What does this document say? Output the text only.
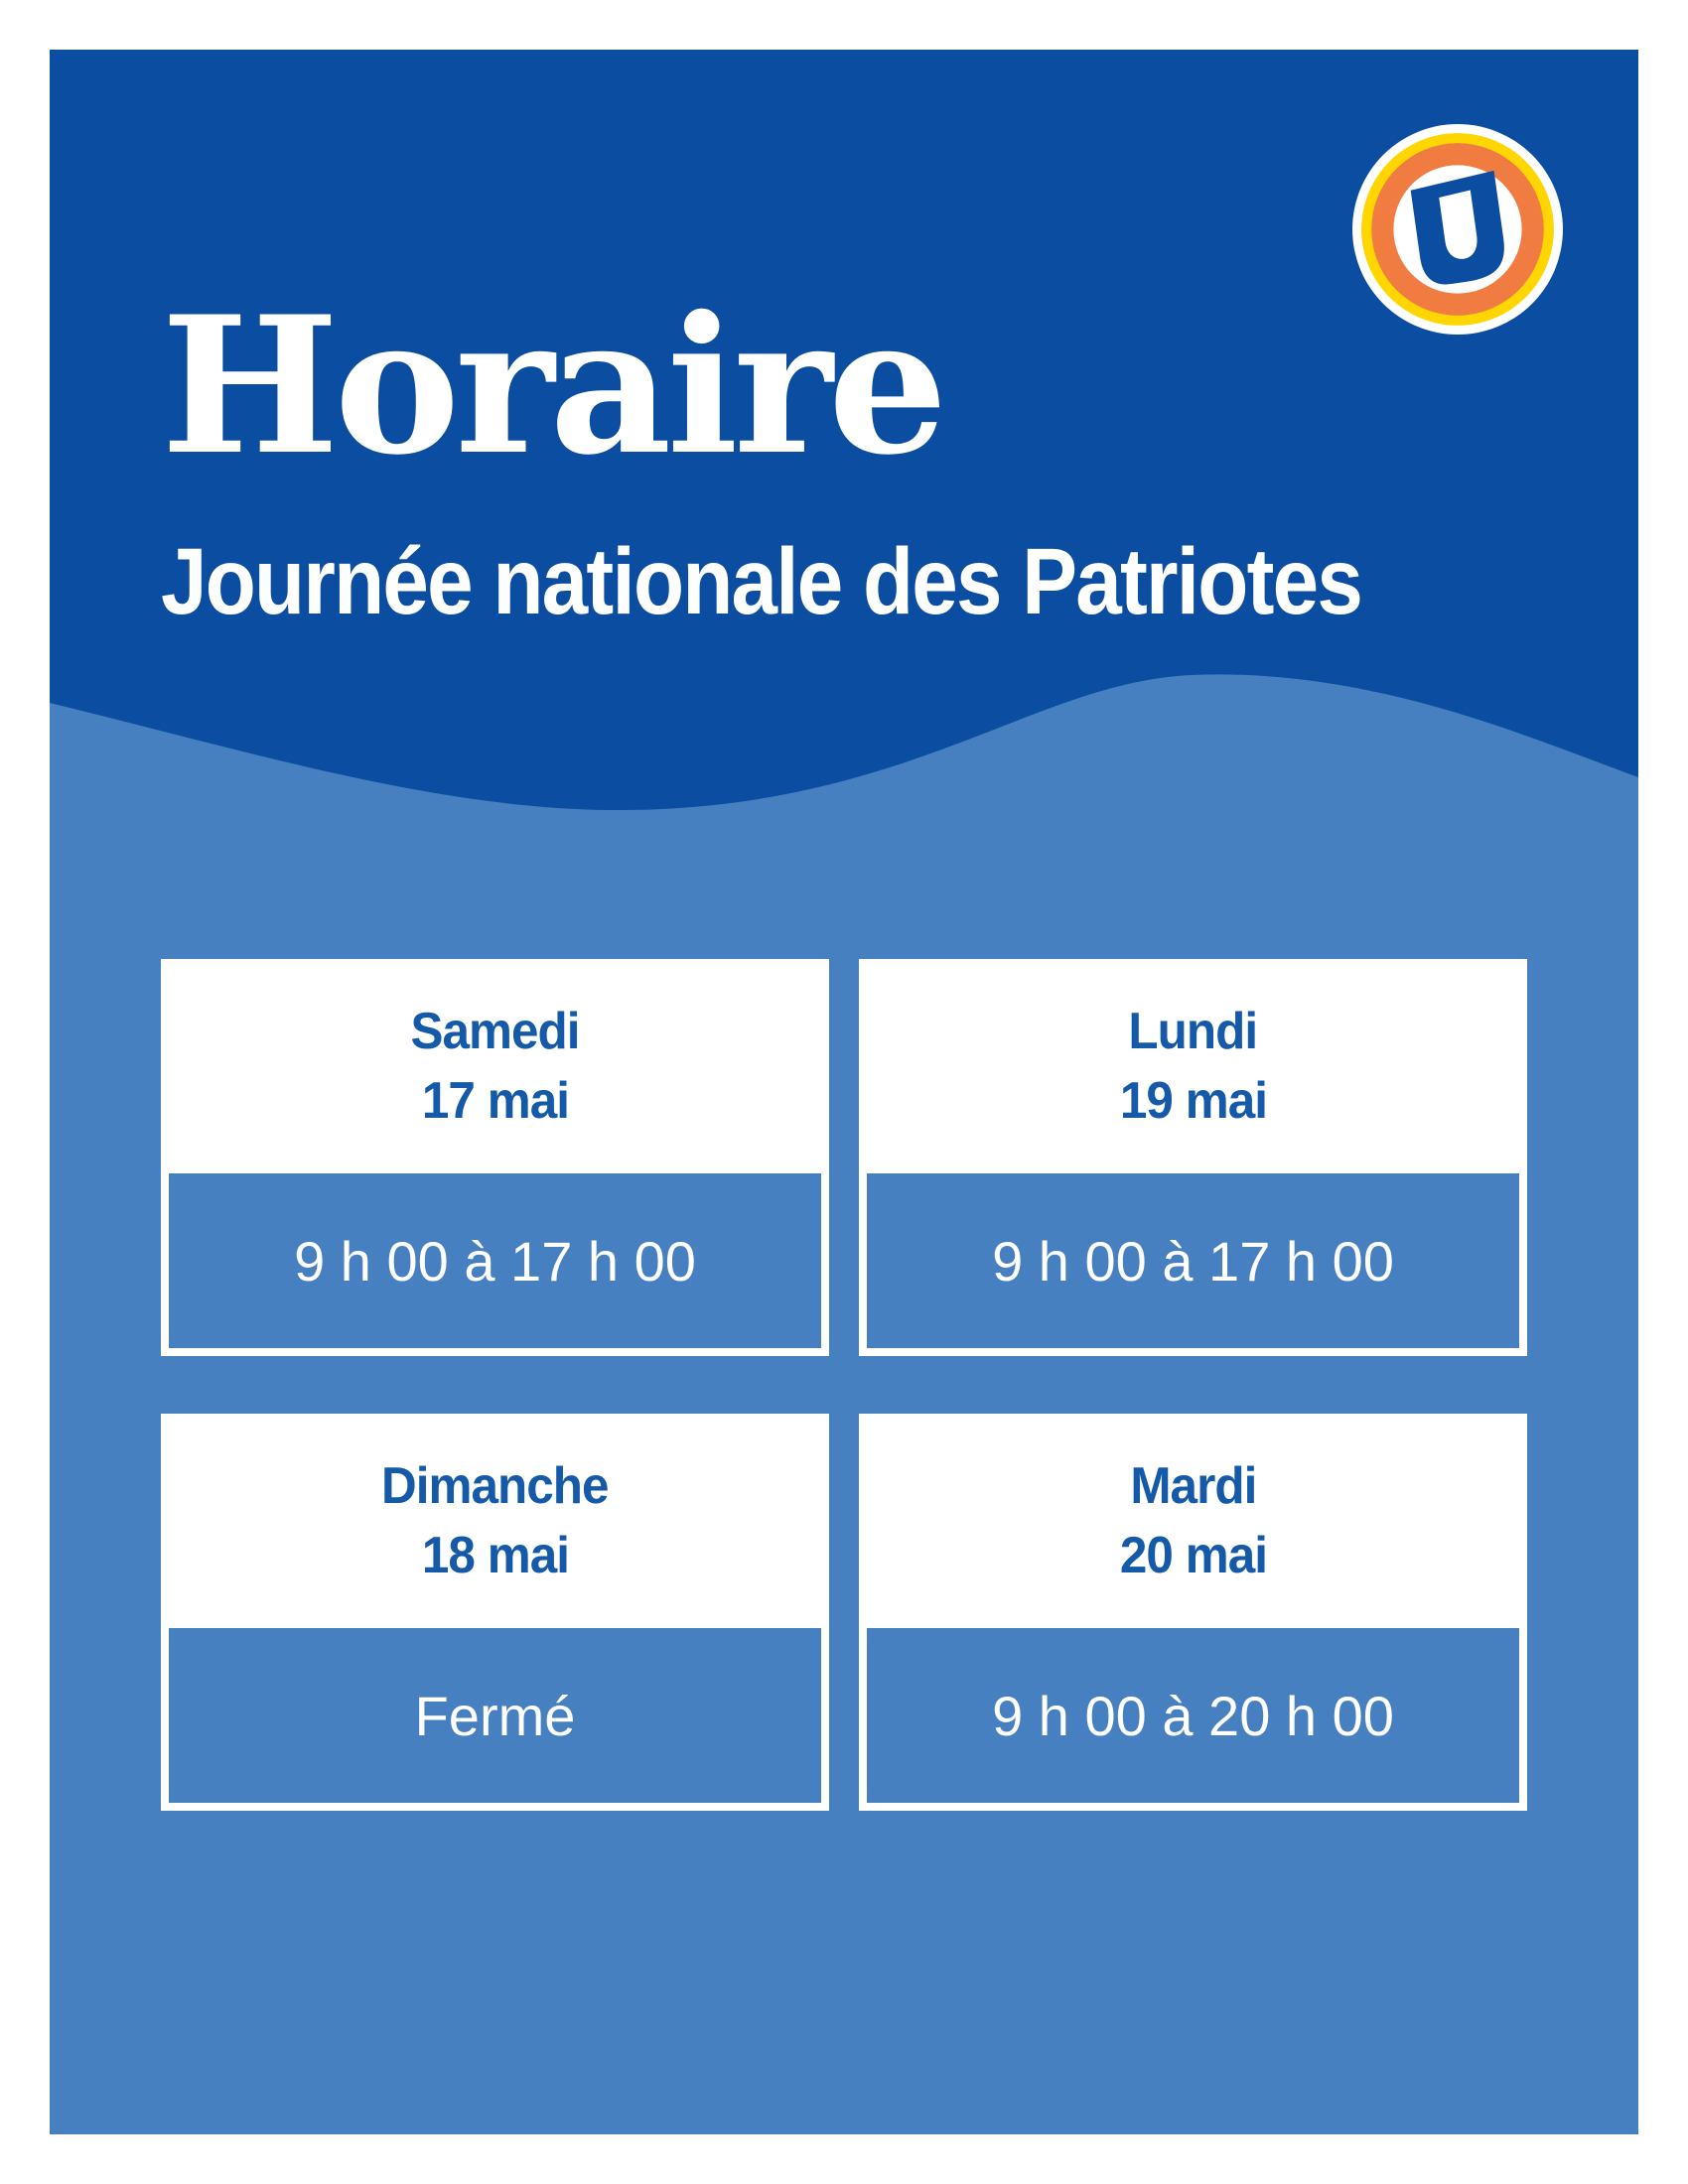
Horaire
Journée nationale des Patriotes
Samedi
17 mai
9 h 00 à 17 h 00
Lundi
19 mai
9 h 00 à 17 h 00
Dimanche
18 mai
Fermé
Mardi
20 mai
9 h 00 à 20 h 00
